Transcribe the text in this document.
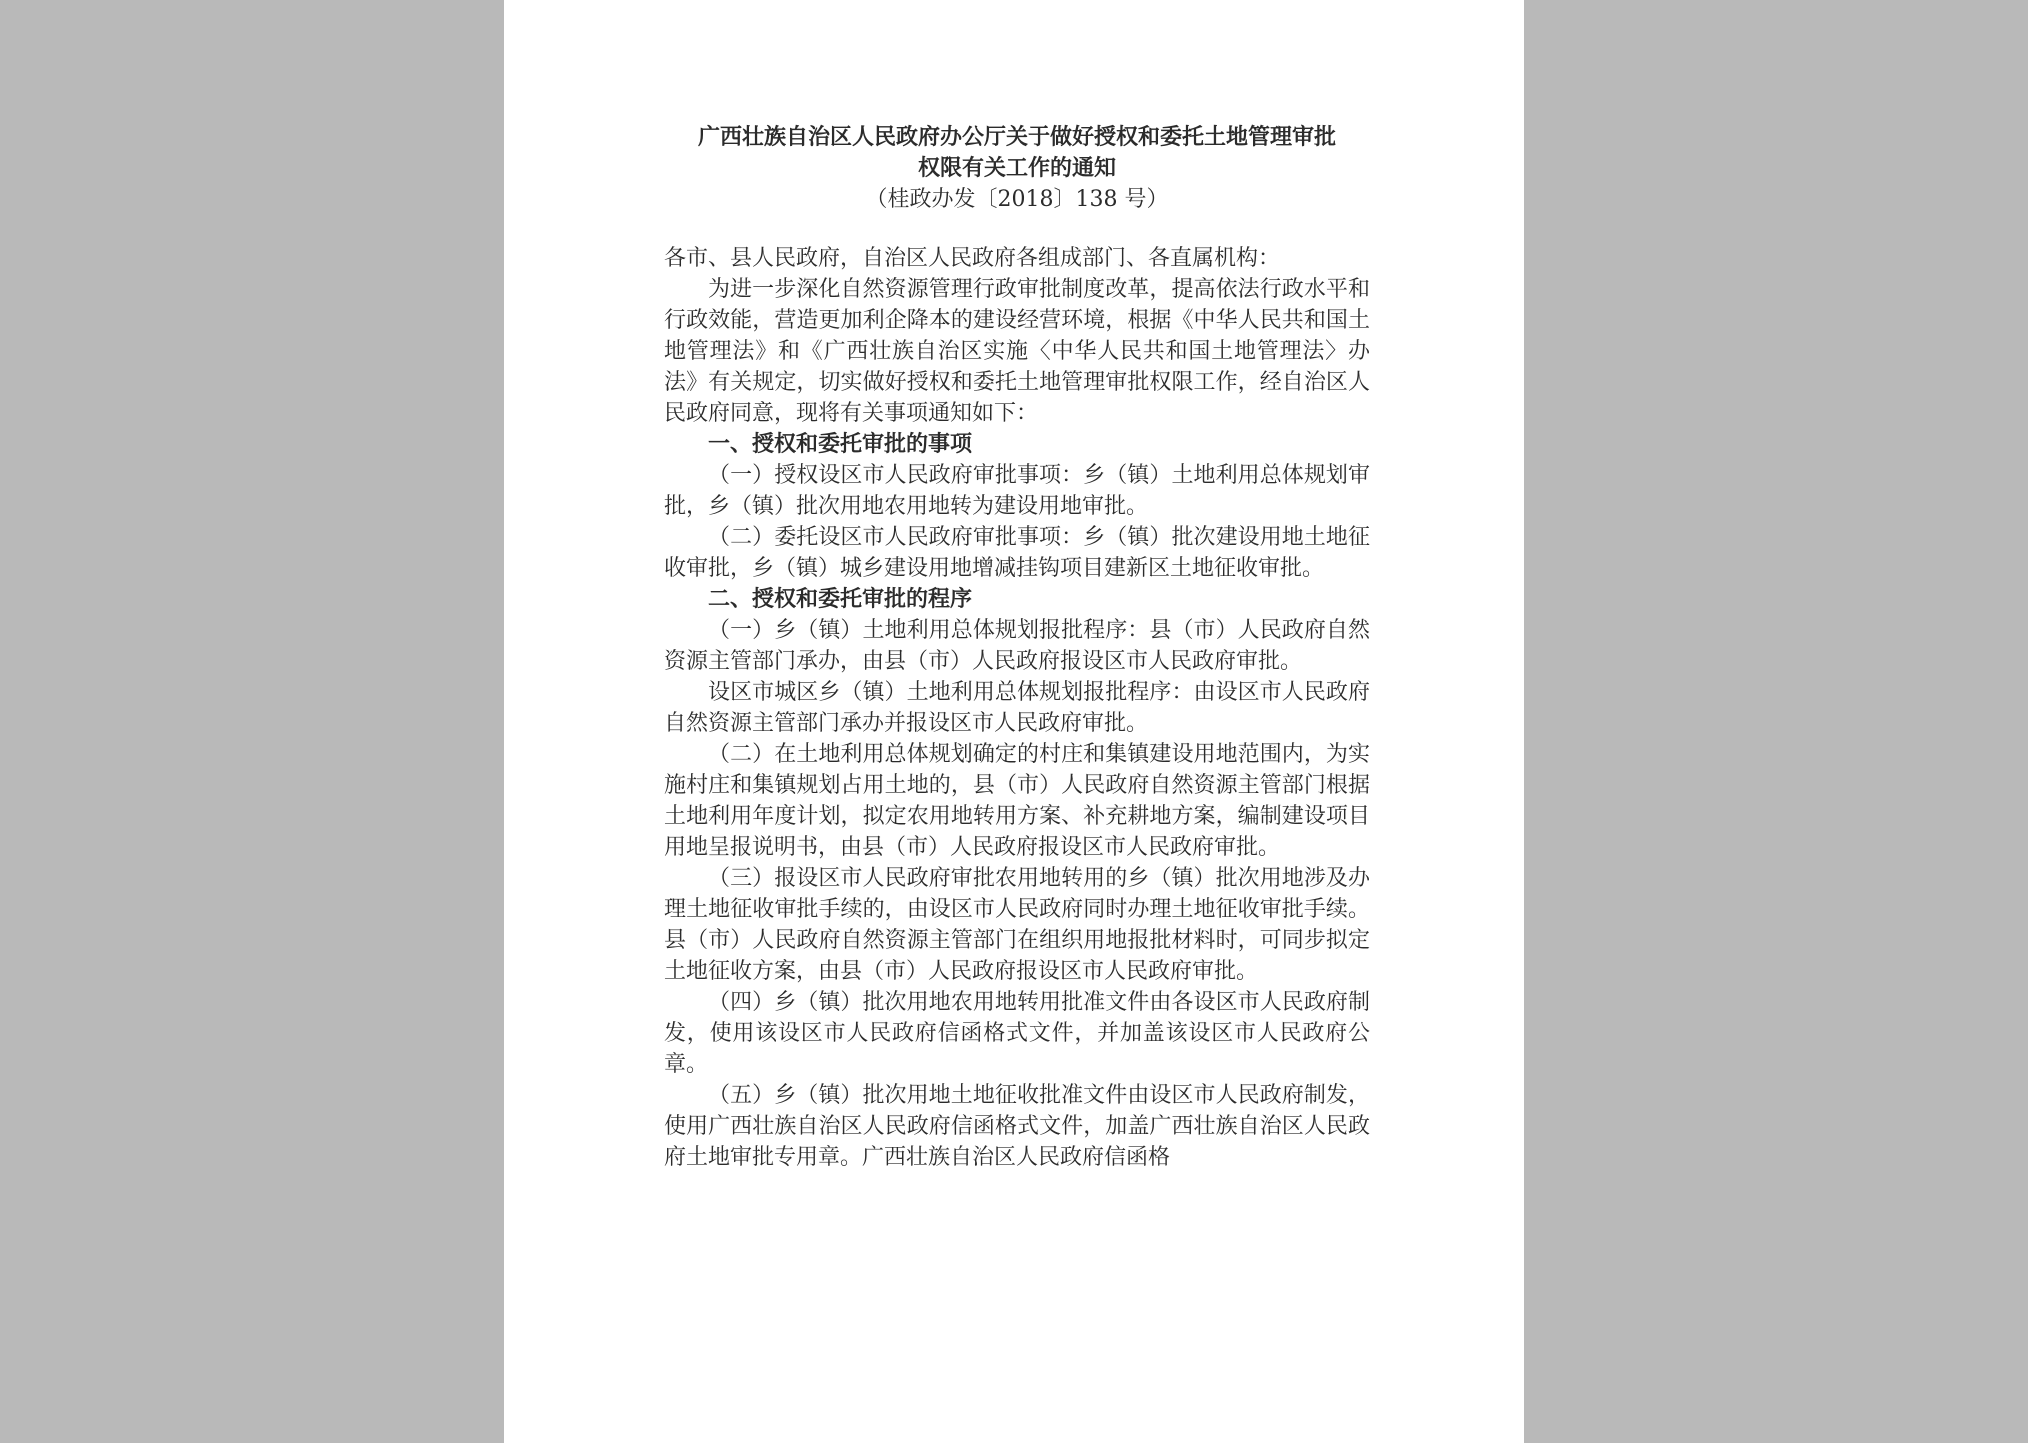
广西壮族自治区人民政府办公厅关于做好授权和委托土地管理审批

权限有关工作的通知

（桂政办发〔2018〕138 号）

各市、县人民政府，自治区人民政府各组成部门、各直属机构：

为进一步深化自然资源管理行政审批制度改革，提高依法行政水平和行政效能，营造更加利企降本的建设经营环境，根据《中华人民共和国土地管理法》和《广西壮族自治区实施〈中华人民共和国土地管理法〉办法》有关规定，切实做好授权和委托土地管理审批权限工作，经自治区人民政府同意，现将有关事项通知如下：

一、授权和委托审批的事项

（一）授权设区市人民政府审批事项：乡（镇）土地利用总体规划审批，乡（镇）批次用地农用地转为建设用地审批。

（二）委托设区市人民政府审批事项：乡（镇）批次建设用地土地征收审批，乡（镇）城乡建设用地增减挂钩项目建新区土地征收审批。

二、授权和委托审批的程序

（一）乡（镇）土地利用总体规划报批程序：县（市）人民政府自然资源主管部门承办，由县（市）人民政府报设区市人民政府审批。

设区市城区乡（镇）土地利用总体规划报批程序：由设区市人民政府自然资源主管部门承办并报设区市人民政府审批。

（二）在土地利用总体规划确定的村庄和集镇建设用地范围内，为实施村庄和集镇规划占用土地的，县（市）人民政府自然资源主管部门根据土地利用年度计划，拟定农用地转用方案、补充耕地方案，编制建设项目用地呈报说明书，由县（市）人民政府报设区市人民政府审批。

（三）报设区市人民政府审批农用地转用的乡（镇）批次用地涉及办理土地征收审批手续的，由设区市人民政府同时办理土地征收审批手续。县（市）人民政府自然资源主管部门在组织用地报批材料时，可同步拟定土地征收方案，由县（市）人民政府报设区市人民政府审批。

（四）乡（镇）批次用地农用地转用批准文件由各设区市人民政府制发，使用该设区市人民政府信函格式文件，并加盖该设区市人民政府公章。

（五）乡（镇）批次用地土地征收批准文件由设区市人民政府制发，使用广西壮族自治区人民政府信函格式文件，加盖广西壮族自治区人民政府土地审批专用章。广西壮族自治区人民政府信函格
